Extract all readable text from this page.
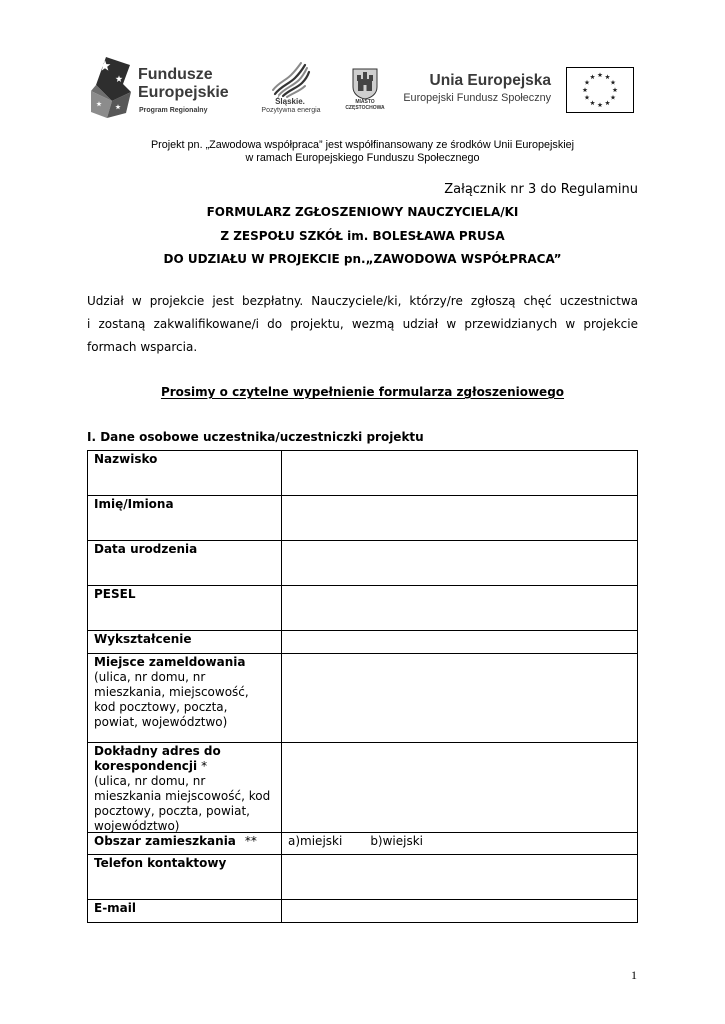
Fundusze
Europejskie
Program Regionalny
Śląskie.
Pozytywna energia
MIASTO
CZĘSTOCHOWA
Unia Europejska
Europejski Fundusz Społeczny
Projekt pn. „Zawodowa współpraca” jest współfinansowany ze środków Unii Europejskiej
w ramach Europejskiego Funduszu Społecznego
Załącznik nr 3 do Regulaminu
FORMULARZ ZGŁOSZENIOWY NAUCZYCIELA/KI
Z ZESPOŁU SZKÓŁ im. BOLESŁAWA PRUSA
DO UDZIAŁU W PROJEKCIE pn.„ZAWODOWA WSPÓŁPRACA”
Udział w projekcie jest bezpłatny. Nauczyciele/ki, którzy/re zgłoszą chęć uczestnictwa
i zostaną zakwalifikowane/i do projektu, wezmą udział w przewidzianych w projekcie
formach wsparcia.
Prosimy o czytelne wypełnienie formularza zgłoszeniowego
I. Dane osobowe uczestnika/uczestniczki projektu
Nazwisko
Imię/Imiona
Data urodzenia
PESEL
Wykształcenie
Miejsce zameldowania
(ulica, nr domu, nr
mieszkania, miejscowość,
kod pocztowy, poczta,
powiat, województwo)
Dokładny adres do korespondencji *
(ulica, nr domu, nr
mieszkania miejscowość, kod
pocztowy, poczta, powiat,
województwo)
Obszar zamieszkania **	a)miejski b)wiejski
Telefon kontaktowy
E-mail
1
